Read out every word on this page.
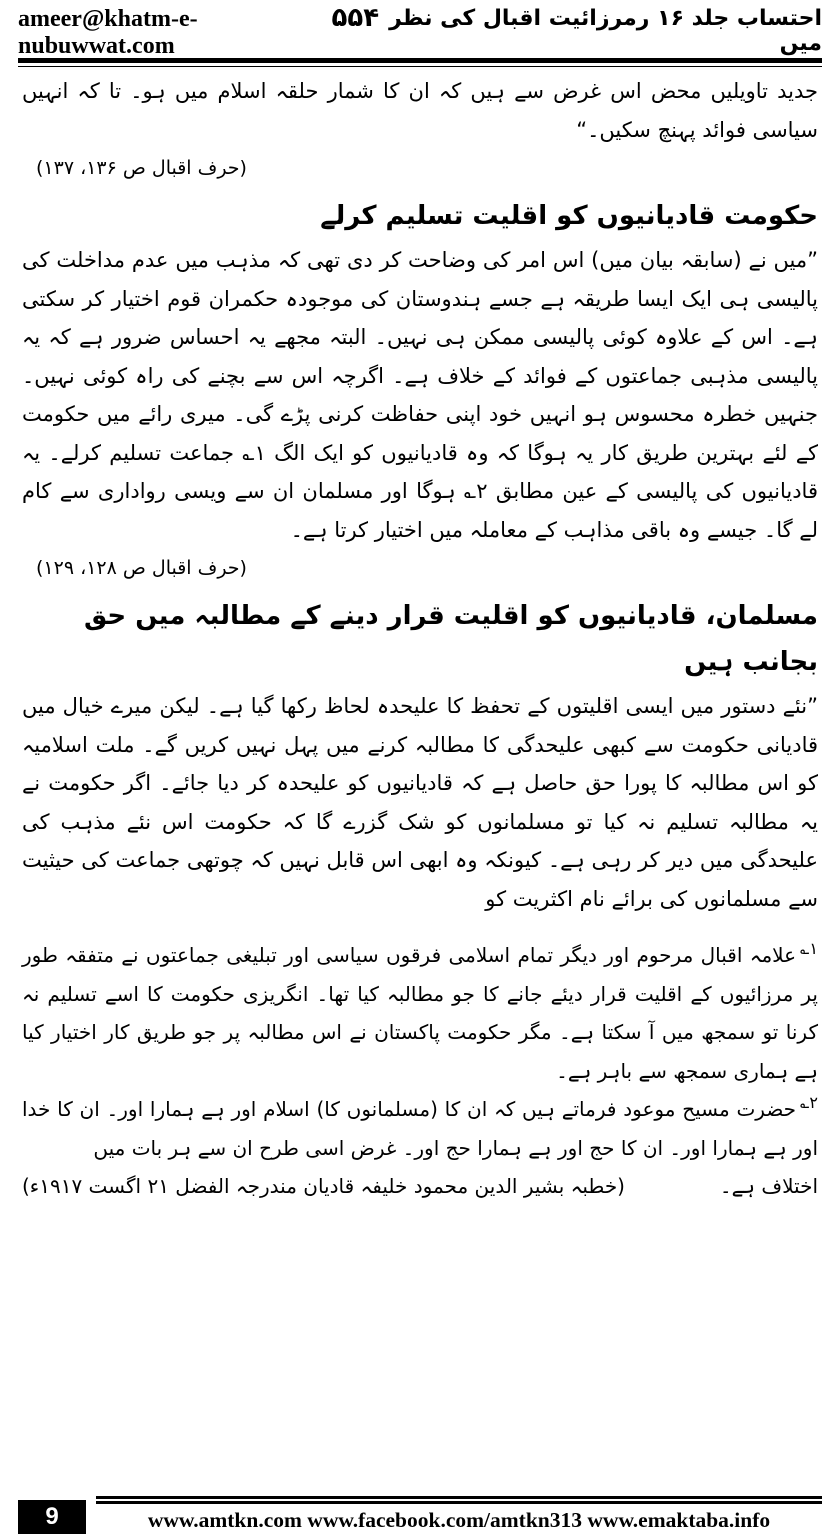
ameer@khatm-e-nubuwwat.com
۵۵۴ احتساب جلد ۱۶ رمرزائیت اقبال کی نظر میں

جدید تاویلیں محض اس غرض سے ہیں کہ ان کا شمار حلقہ اسلام میں ہو۔ تا کہ انہیں سیاسی فوائد پہنچ سکیں۔“

(حرف اقبال ص ۱۳۶، ۱۳۷)

حکومت قادیانیوں کو اقلیت تسلیم کرلے

”میں نے (سابقہ بیان میں) اس امر کی وضاحت کر دی تھی کہ مذہب میں عدم مداخلت کی پالیسی ہی ایک ایسا طریقہ ہے جسے ہندوستان کی موجودہ حکمران قوم اختیار کر سکتی ہے۔ اس کے علاوہ کوئی پالیسی ممکن ہی نہیں۔ البتہ مجھے یہ احساس ضرور ہے کہ یہ پالیسی مذہبی جماعتوں کے فوائد کے خلاف ہے۔ اگرچہ اس سے بچنے کی راہ کوئی نہیں۔ جنہیں خطرہ محسوس ہو انہیں خود اپنی حفاظت کرنی پڑے گی۔ میری رائے میں حکومت کے لئے بہترین طریق کار یہ ہوگا کہ وہ قادیانیوں کو ایک الگ ۱؎ جماعت تسلیم کرلے۔ یہ قادیانیوں کی پالیسی کے عین مطابق ۲؎ ہوگا اور مسلمان ان سے ویسی رواداری سے کام لے گا۔ جیسے وہ باقی مذاہب کے معاملہ میں اختیار کرتا ہے۔

(حرف اقبال ص ۱۲۸، ۱۲۹)

مسلمان، قادیانیوں کو اقلیت قرار دینے کے مطالبہ میں حق بجانب ہیں

”نئے دستور میں ایسی اقلیتوں کے تحفظ کا علیحدہ لحاظ رکھا گیا ہے۔ لیکن میرے خیال میں قادیانی حکومت سے کبھی علیحدگی کا مطالبہ کرنے میں پہل نہیں کریں گے۔ ملت اسلامیہ کو اس مطالبہ کا پورا حق حاصل ہے کہ قادیانیوں کو علیحدہ کر دیا جائے۔ اگر حکومت نے یہ مطالبہ تسلیم نہ کیا تو مسلمانوں کو شک گزرے گا کہ حکومت اس نئے مذہب کی علیحدگی میں دیر کر رہی ہے۔ کیونکہ وہ ابھی اس قابل نہیں کہ چوتھی جماعت کی حیثیت سے مسلمانوں کی برائے نام اکثریت کو

$^{۱؎}$علامہ اقبال مرحوم اور دیگر تمام اسلامی فرقوں سیاسی اور تبلیغی جماعتوں نے متفقہ طور پر مرزائیوں کے اقلیت قرار دیئے جانے کا جو مطالبہ کیا تھا۔ انگریزی حکومت کا اسے تسلیم نہ کرنا تو سمجھ میں آ سکتا ہے۔ مگر حکومت پاکستان نے اس مطالبہ پر جو طریق کار اختیار کیا ہے ہماری سمجھ سے باہر ہے۔

$^{۲؎}$حضرت مسیح موعود فرماتے ہیں کہ ان کا (مسلمانوں کا) اسلام اور ہے ہمارا اور۔ ان کا خدا اور ہے ہمارا اور۔ ان کا حج اور ہے ہمارا حج اور۔ غرض اسی طرح ان سے ہر بات میں

اختلاف ہے۔
(خطبہ بشیر الدین محمود خلیفہ قادیان مندرجہ الفضل ۲۱ اگست ۱۹۱۷ء)
9	www.amtkn.com www.facebook.com/amtkn313 www.emaktaba.info
